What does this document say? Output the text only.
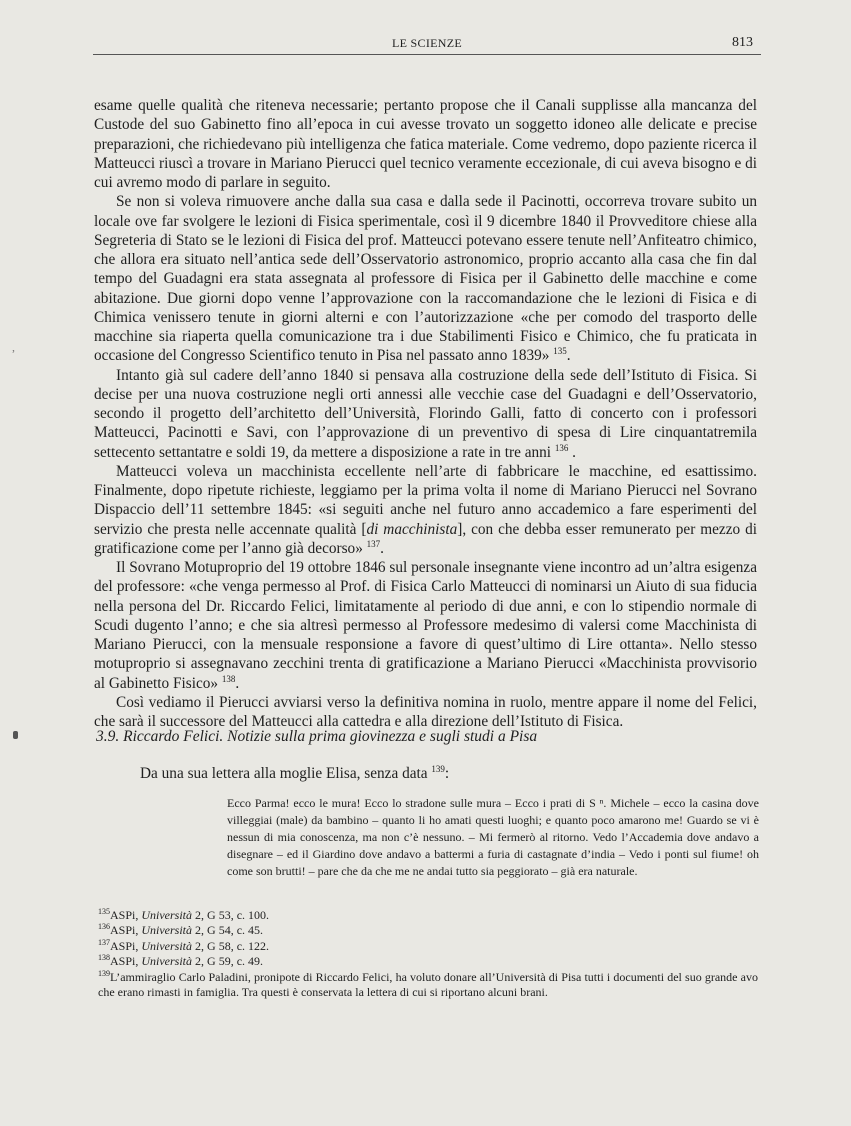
LE SCIENZE	813
,

esame quelle qualità che riteneva necessarie; pertanto propose che il Canali supplisse alla mancanza del Custode del suo Gabinetto fino all’epoca in cui avesse trovato un soggetto idoneo alle delicate e precise preparazioni, che richiedevano più intelligenza che fatica materiale. Come vedremo, dopo paziente ricerca il Matteucci riuscì a trovare in Mariano Pierucci quel tecnico veramente eccezionale, di cui aveva bisogno e di cui avremo modo di parlare in seguito.

Se non si voleva rimuovere anche dalla sua casa e dalla sede il Pacinotti, occorreva trovare subito un locale ove far svolgere le lezioni di Fisica sperimentale, così il 9 dicembre 1840 il Provveditore chiese alla Segreteria di Stato se le lezioni di Fisica del prof. Matteucci potevano essere tenute nell’Anfiteatro chimico, che allora era situato nell’antica sede dell’Osservatorio astronomico, proprio accanto alla casa che fin dal tempo del Guadagni era stata assegnata al professore di Fisica per il Gabinetto delle macchine e come abitazione. Due giorni dopo venne l’approvazione con la raccomandazione che le lezioni di Fisica e di Chimica venissero tenute in giorni alterni e con l’autorizzazione «che per comodo del trasporto delle macchine sia riaperta quella comunicazione tra i due Stabilimenti Fisico e Chimico, che fu praticata in occasione del Congresso Scientifico tenuto in Pisa nel passato anno 1839» $^{135}$.

Intanto già sul cadere dell’anno 1840 si pensava alla costruzione della sede dell’Istituto di Fisica. Si decise per una nuova costruzione negli orti annessi alle vecchie case del Guadagni e dell’Osservatorio, secondo il progetto dell’architetto dell’Università, Florindo Galli, fatto di concerto con i professori Matteucci, Pacinotti e Savi, con l’approvazione di un preventivo di spesa di Lire cinquantatremila settecento settantatre e soldi 19, da mettere a disposizione a rate in tre anni $^{136}$ .

Matteucci voleva un macchinista eccellente nell’arte di fabbricare le macchine, ed esattissimo. Finalmente, dopo ripetute richieste, leggiamo per la prima volta il nome di Mariano Pierucci nel Sovrano Dispaccio dell’11 settembre 1845: «si seguiti anche nel futuro anno accademico a fare esperimenti del servizio che presta nelle accennate qualità [di macchinista], con che debba esser remunerato per mezzo di gratificazione come per l’anno già decorso» $^{137}$.

Il Sovrano Motuproprio del 19 ottobre 1846 sul personale insegnante viene incontro ad un’altra esigenza del professore: «che venga permesso al Prof. di Fisica Carlo Matteucci di nominarsi un Aiuto di sua fiducia nella persona del Dr. Riccardo Felici, limitatamente al periodo di due anni, e con lo stipendio normale di Scudi dugento l’anno; e che sia altresì permesso al Professore medesimo di valersi come Macchinista di Mariano Pierucci, con la mensuale responsione a favore di quest’ultimo di Lire ottanta». Nello stesso motuproprio si assegnavano zecchini trenta di gratificazione a Mariano Pierucci «Macchinista provvisorio al Gabinetto Fisico» $^{138}$.

Così vediamo il Pierucci avviarsi verso la definitiva nomina in ruolo, mentre appare il nome del Felici, che sarà il successore del Matteucci alla cattedra e alla direzione dell’Istituto di Fisica.

3.9. Riccardo Felici. Notizie sulla prima giovinezza e sugli studi a Pisa
Da una sua lettera alla moglie Elisa, senza data $^{139}$:
Ecco Parma! ecco le mura! Ecco lo stradone sulle mura – Ecco i prati di S ⁿ. Michele – ecco la casina dove villeggiai (male) da bambino – quanto li ho amati questi luoghi; e quanto poco amarono me! Guardo se vi è nessun di mia conoscenza, ma non c’è nessuno. – Mi fermerò al ritorno. Vedo l’Accademia dove andavo a disegnare – ed il Giardino dove andavo a battermi a furia di castagnate d’india – Vedo i ponti sul fiume! oh come son brutti! – pare che da che me ne andai tutto sia peggiorato – già era naturale.

$^{135}$ASPi, Università 2, G 53, c. 100.

$^{136}$ASPi, Università 2, G 54, c. 45.

$^{137}$ASPi, Università 2, G 58, c. 122.

$^{138}$ASPi, Università 2, G 59, c. 49.

$^{139}$L’ammiraglio Carlo Paladini, pronipote di Riccardo Felici, ha voluto donare all’Università di Pisa tutti i documenti del suo grande avo che erano rimasti in famiglia. Tra questi è conservata la lettera di cui si riportano alcuni brani.
